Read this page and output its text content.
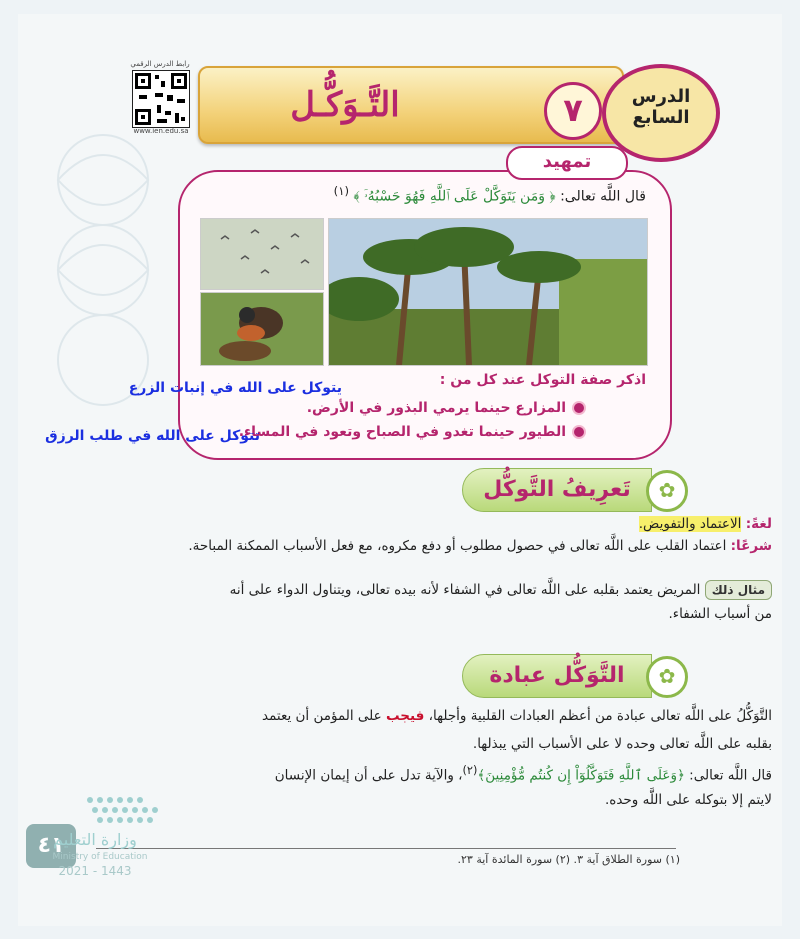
رابط الدرس الرقمي
www.ien.edu.sa
التَّـوَكُّـل	٧	الدرس
السابع
تمهيد
قال اللَّه تعالى: ﴿ وَمَن يَتَوَكَّلْ عَلَى ٱللَّهِ فَهُوَ حَسْبُهُۥٓ ﴾ $^{(١)}$
اذكر صفة التوكل عند كل من :
المزارع حينما يرمي البذور في الأرض.
الطيور حينما تغدو في الصباح وتعود في المساء.
يتوكل على الله في إنبات الزرع
تتوكل على الله في طلب الرزق
تَعرِيفُ التَّوكُّل	✿
لغةً: الاعتماد والتفويض.
شرعًا: اعتماد القلب على اللَّه تعالى في حصول مطلوب أو دفع مكروه، مع فعل الأسباب الممكنة المباحة.
مثال ذلك المريض يعتمد بقلبه على اللَّه تعالى في الشفاء لأنه بيده تعالى، ويتناول الدواء على أنه
من أسباب الشفاء.
التَّوَكُّل عبادة	✿
التَّوَكُّلُ على اللَّه تعالى عبادة من أعظم العبادات القلبية وأجلها، فيجب على المؤمن أن يعتمد
بقلبه على اللَّه تعالى وحده لا على الأسباب التي يبذلها.
قال اللَّه تعالى: ﴿وَعَلَى ٱللَّهِ فَتَوَكَّلُوٓاْ إِن كُنتُم مُّؤْمِنِينَ﴾$^{(٢)}$، والآية تدل على أن إيمان الإنسان
لايتم إلا بتوكله على اللَّه وحده.
(١) سورة الطلاق آية ٣. (٢) سورة المائدة آية ٢٣.
٤١
وزارة التعليم
Ministry of Education
2021 - 1443
